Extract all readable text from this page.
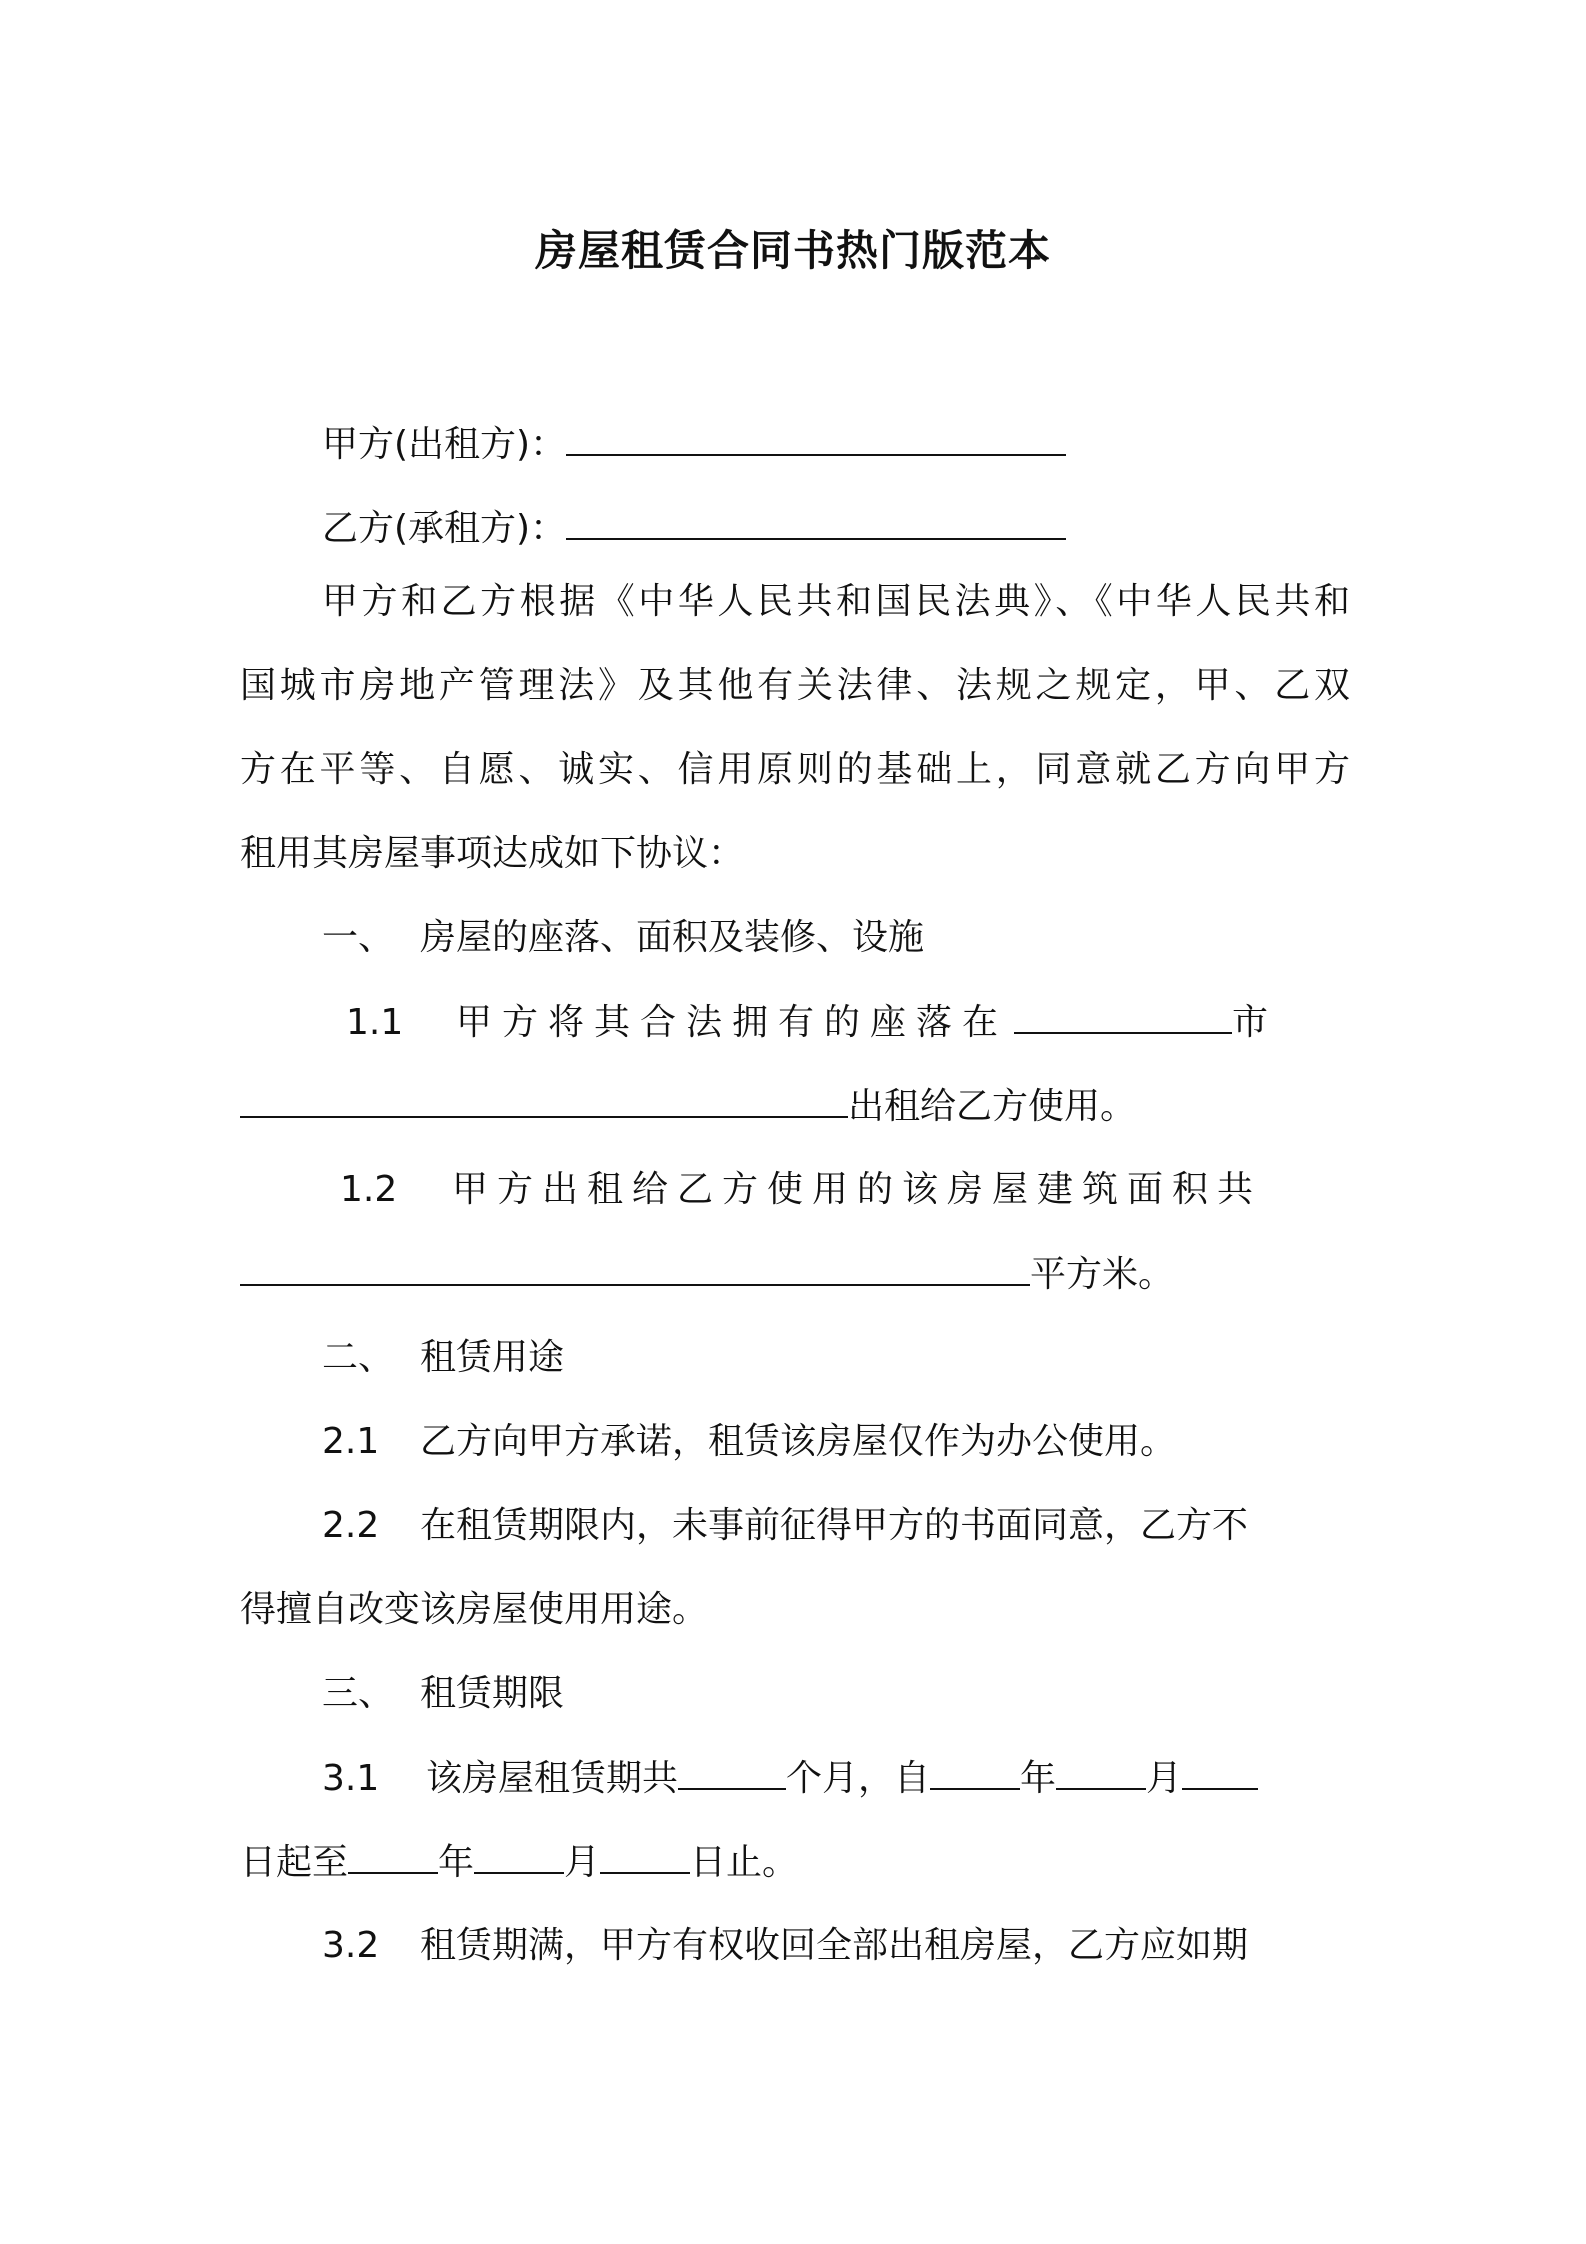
房屋租赁合同书热门版范本
甲方(出租方)：
乙方(承租方)：
甲方和乙方根据《中华人民共和国民法典》、《中华人民共和
国城市房地产管理法》及其他有关法律、法规之规定，甲、乙双
方在平等、自愿、诚实、信用原则的基础上，同意就乙方向甲方
租用其房屋事项达成如下协议：
一、 房屋的座落、面积及装修、设施
1.1 甲方将其合法拥有的座落在	市
出租给乙方使用。
1.2 甲方出租给乙方使用的该房屋建筑面积共
平方米。
二、 租赁用途
2.1 乙方向甲方承诺，租赁该房屋仅作为办公使用。
2.2 在租赁期限内，未事前征得甲方的书面同意，乙方不
得擅自改变该房屋使用用途。
三、 租赁期限
3.1 该房屋租赁期共	个月，自	年	月
日起至	年	月	日止。
3.2 租赁期满，甲方有权收回全部出租房屋，乙方应如期
